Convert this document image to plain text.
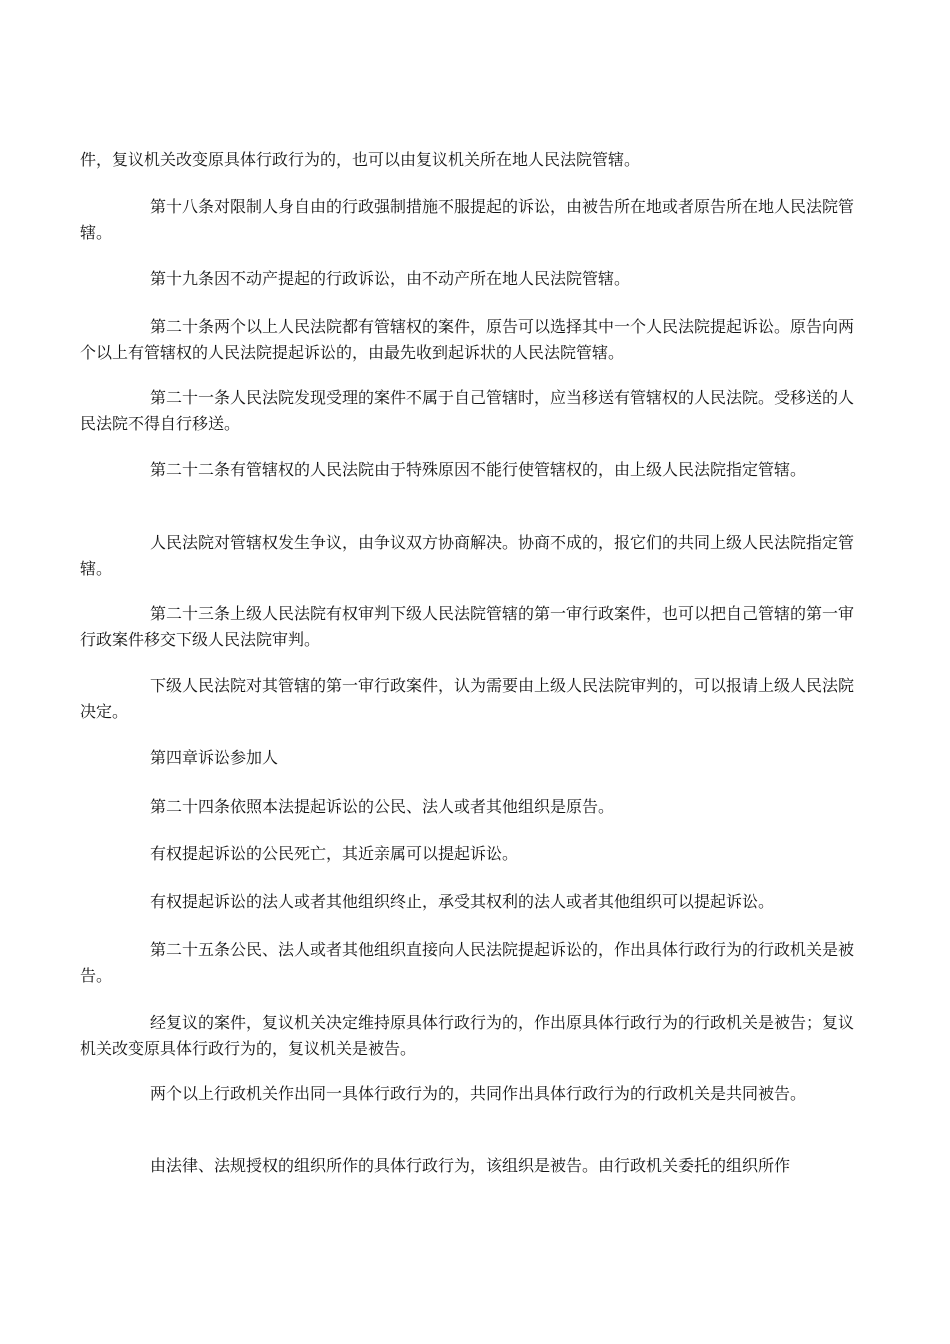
件，复议机关改变原具体行政行为的，也可以由复议机关所在地人民法院管辖。

第十八条对限制人身自由的行政强制措施不服提起的诉讼，由被告所在地或者原告所在地人民法院管辖。

第十九条因不动产提起的行政诉讼，由不动产所在地人民法院管辖。

第二十条两个以上人民法院都有管辖权的案件，原告可以选择其中一个人民法院提起诉讼。原告向两个以上有管辖权的人民法院提起诉讼的，由最先收到起诉状的人民法院管辖。

第二十一条人民法院发现受理的案件不属于自己管辖时，应当移送有管辖权的人民法院。受移送的人民法院不得自行移送。

第二十二条有管辖权的人民法院由于特殊原因不能行使管辖权的，由上级人民法院指定管辖。

人民法院对管辖权发生争议，由争议双方协商解决。协商不成的，报它们的共同上级人民法院指定管辖。

第二十三条上级人民法院有权审判下级人民法院管辖的第一审行政案件，也可以把自己管辖的第一审行政案件移交下级人民法院审判。

下级人民法院对其管辖的第一审行政案件，认为需要由上级人民法院审判的，可以报请上级人民法院决定。

第四章诉讼参加人

第二十四条依照本法提起诉讼的公民、法人或者其他组织是原告。

有权提起诉讼的公民死亡，其近亲属可以提起诉讼。

有权提起诉讼的法人或者其他组织终止，承受其权利的法人或者其他组织可以提起诉讼。

第二十五条公民、法人或者其他组织直接向人民法院提起诉讼的，作出具体行政行为的行政机关是被告。

经复议的案件，复议机关决定维持原具体行政行为的，作出原具体行政行为的行政机关是被告；复议机关改变原具体行政行为的，复议机关是被告。

两个以上行政机关作出同一具体行政行为的，共同作出具体行政行为的行政机关是共同被告。

由法律、法规授权的组织所作的具体行政行为，该组织是被告。由行政机关委托的组织所作
